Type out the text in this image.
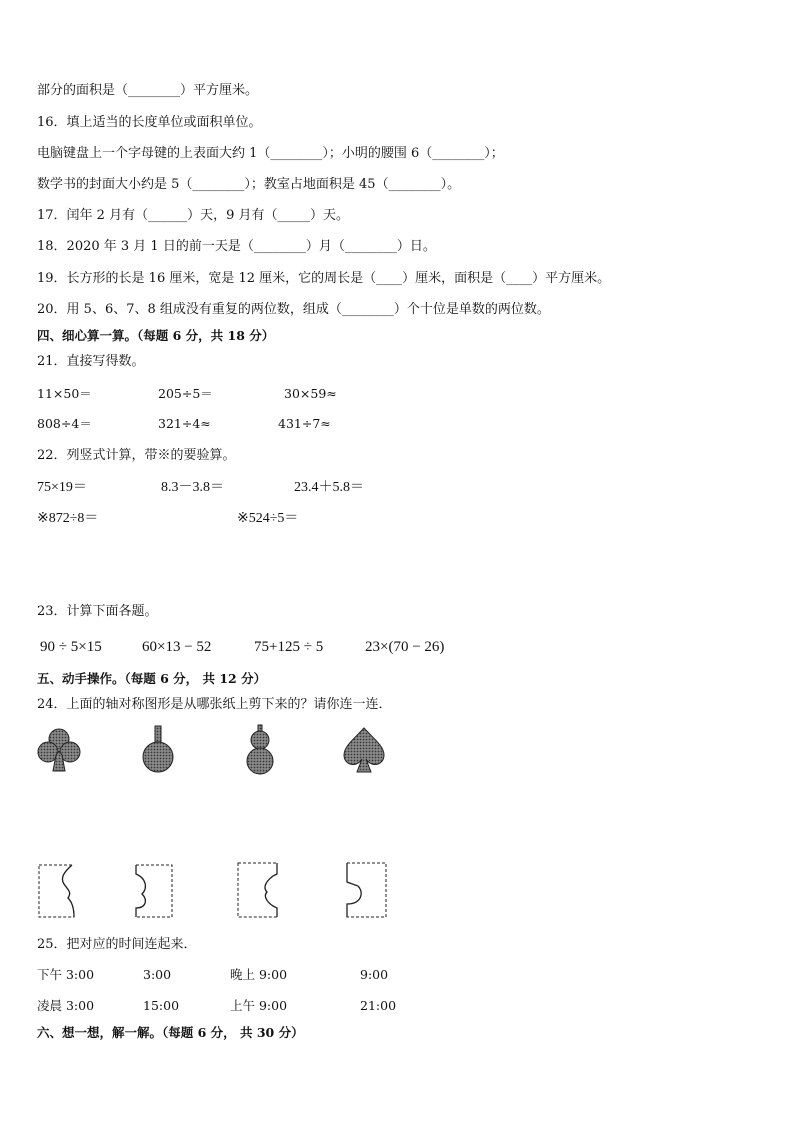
部分的面积是（________）平方厘米。
16．填上适当的长度单位或面积单位。
电脑键盘上一个字母键的上表面大约 1（________）；小明的腰围 6（________）；
数学书的封面大小约是 5（________）；教室占地面积是 45（________）。
17．闰年 2 月有（______）天，9 月有（_____）天。
18．2020 年 3 月 1 日的前一天是（________）月（________）日。
19．长方形的长是 16 厘米，宽是 12 厘米，它的周长是（____）厘米，面积是（____）平方厘米。
20．用 5、6、7、8 组成没有重复的两位数，组成（________）个十位是单数的两位数。
四、细心算一算。（每题 6 分，共 18 分）
21．直接写得数。
11×50＝	205÷5＝	30×59≈
808÷4＝	321÷4≈	431÷7≈
22．列竖式计算，带※的要验算。
75×19＝	8.3－3.8＝	23.4＋5.8＝
※872÷8＝	※524÷5＝
23．计算下面各题。
90 ÷ 5×15	60×13 − 52	75+125 ÷ 5	23×(70 − 26)
五、动手操作。（每题 6 分， 共 12 分）
24．上面的轴对称图形是从哪张纸上剪下来的？请你连一连．
25．把对应的时间连起来．
下午 3:00	3:00	晚上 9:00	9:00
凌晨 3:00	15:00	上午 9:00	21:00
六、想一想，解一解。（每题 6 分， 共 30 分）
